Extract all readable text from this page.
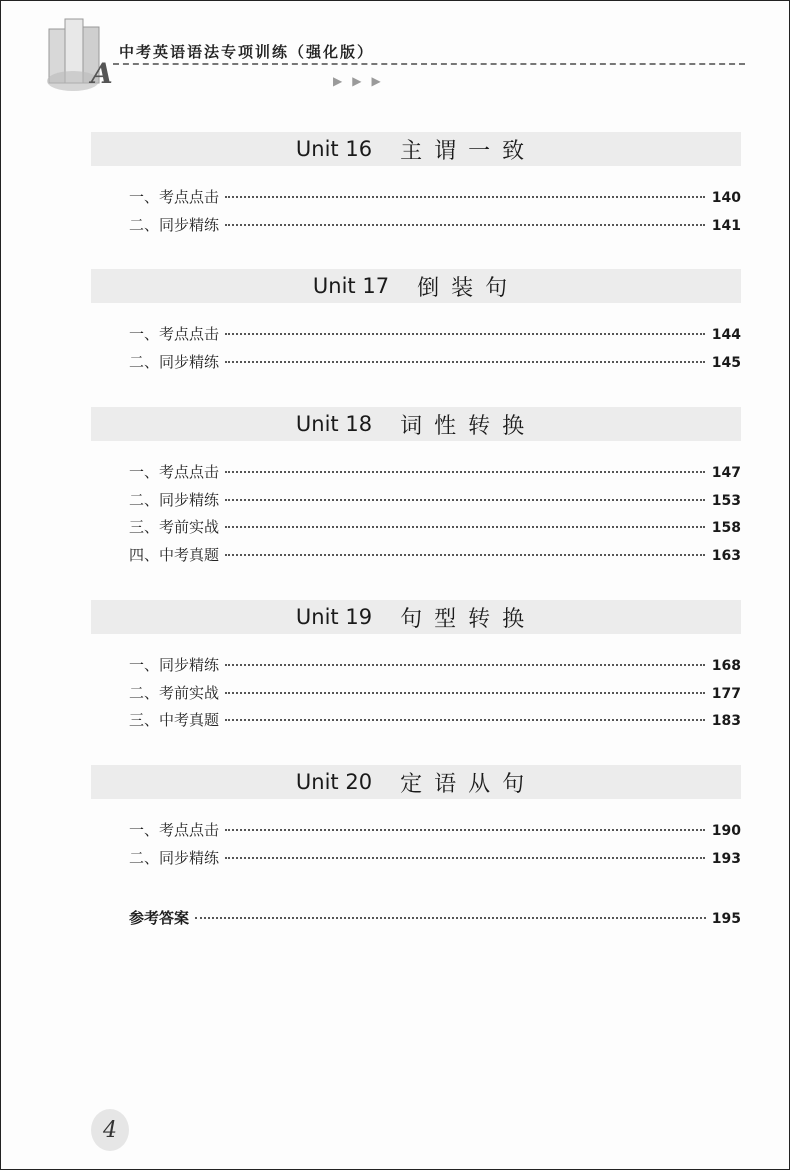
A
中考英语语法专项训练（强化版）
▶ ▶ ▶
Unit 16 主谓一致
一、考点点击	140
二、同步精练	141
Unit 17 倒装句
一、考点点击	144
二、同步精练	145
Unit 18 词性转换
一、考点点击	147
二、同步精练	153
三、考前实战	158
四、中考真题	163
Unit 19 句型转换
一、同步精练	168
二、考前实战	177
三、中考真题	183
Unit 20 定语从句
一、考点点击	190
二、同步精练	193
参考答案	195
4
